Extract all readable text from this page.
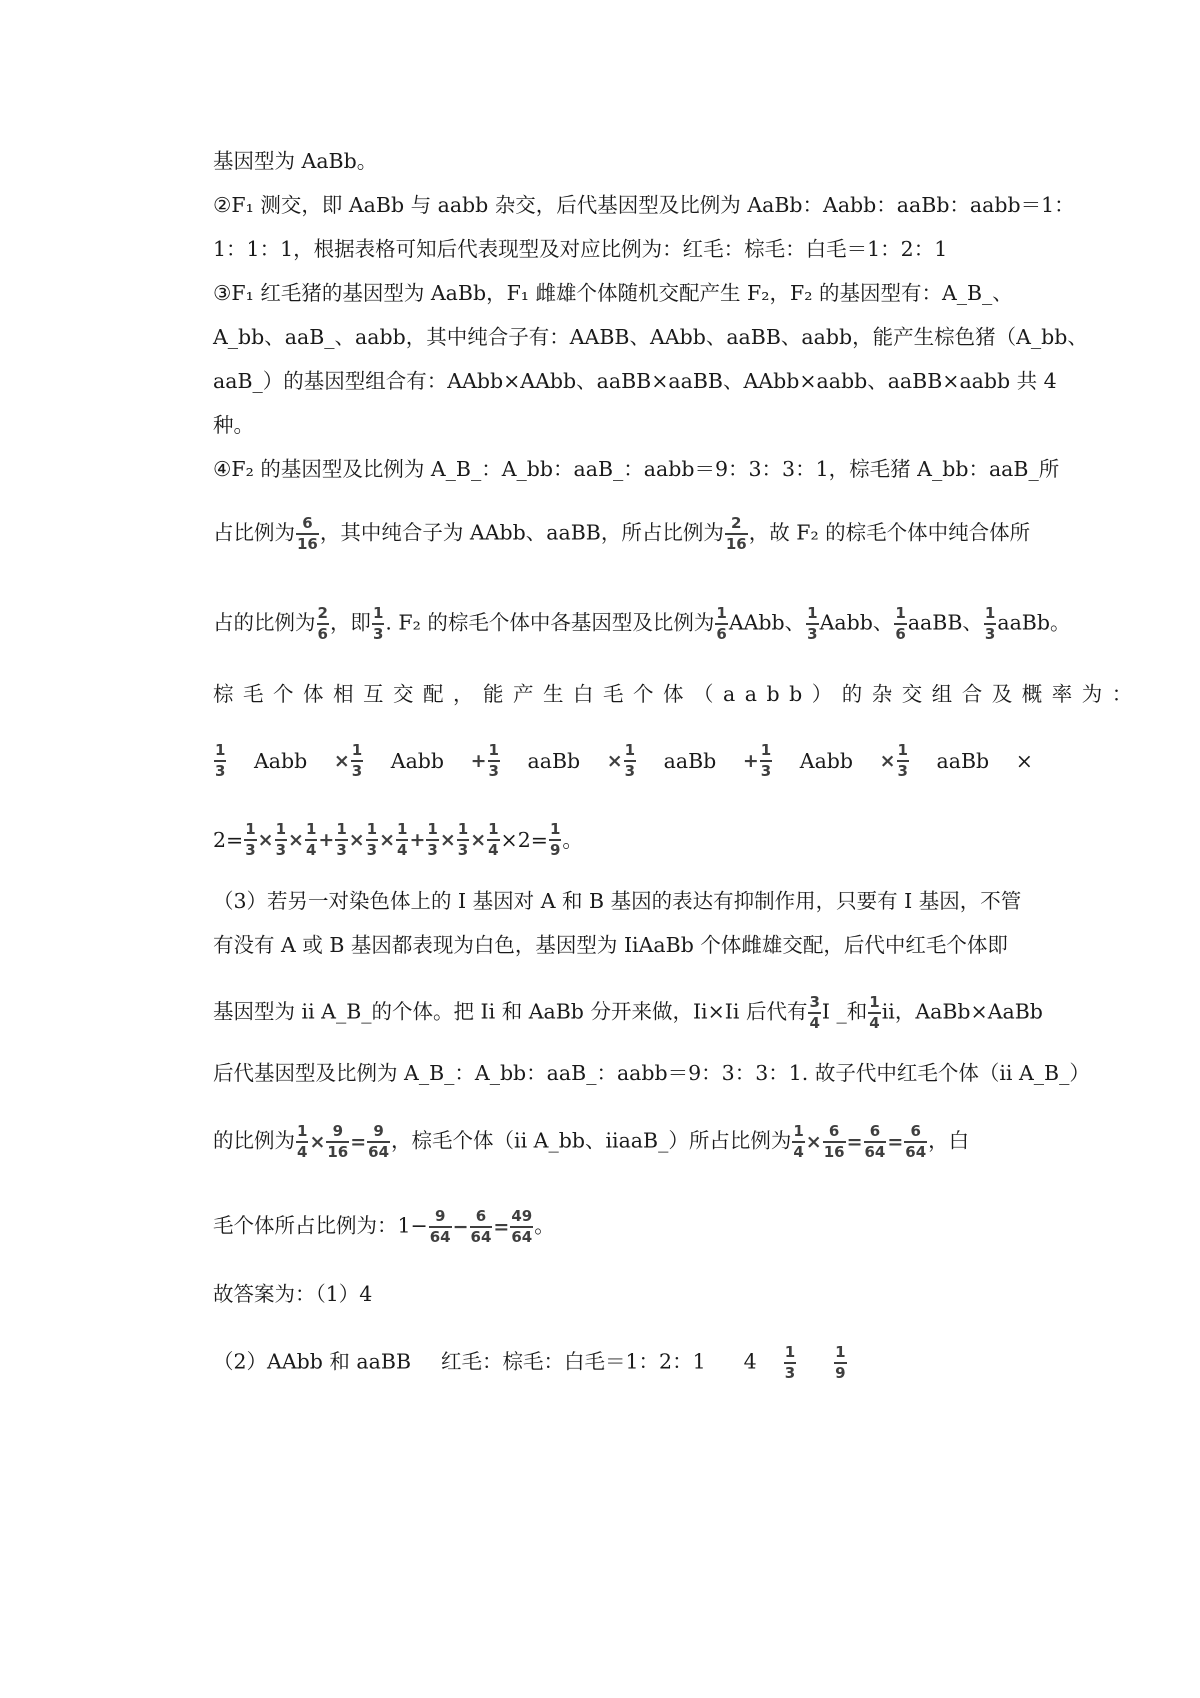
基因型为 AaBb。
②F₁ 测交，即 AaBb 与 aabb 杂交，后代基因型及比例为 AaBb：Aabb：aaBb：aabb＝1：
1：1：1，根据表格可知后代表现型及对应比例为：红毛：棕毛：白毛＝1：2：1
③F₁ 红毛猪的基因型为 AaBb，F₁ 雌雄个体随机交配产生 F₂，F₂ 的基因型有：A_B_、
A_bb、aaB_、aabb，其中纯合子有：AABB、AAbb、aaBB、aabb，能产生棕色猪（A_bb、
aaB_）的基因型组合有：AAbb×AAbb、aaBB×aaBB、AAbb×aabb、aaBB×aabb 共 4
种。
④F₂ 的基因型及比例为 A_B_：A_bb：aaB_：aabb＝9：3：3：1，棕毛猪 A_bb：aaB_所
占比例为 $\frac{6}{16}$ ，其中纯合子为 AAbb、aaBB，所占比例为 $\frac{2}{16}$ ，故 F₂ 的棕毛个体中纯合体所
占的比例为 $\frac{2}{6}$ ，即 $\frac{1}{3}$ . F₂ 的棕毛个体中各基因型及比例为 $\frac{1}{6}$ AAbb、 $\frac{1}{3}$ Aabb、 $\frac{1}{6}$ aaBB、 $\frac{1}{3}$ aaBb。
棕毛个体相互交配，能产生白毛个体（aabb）的杂交组合及概率为：
1
3 Aabb × $\frac{1}{3}$ Aabb + $\frac{1}{3}$ aaBb × $\frac{1}{3}$ aaBb + $\frac{1}{3}$ Aabb × $\frac{1}{3}$ aaBb ×
2= 1
3 × 1
3 × 1
4 + 1
3 × 1
3 × 1
4 + 1
3 × 1
3 × 1
4 ×2= 1
9 。
（3）若另一对染色体上的 I 基因对 A 和 B 基因的表达有抑制作用，只要有 I 基因，不管
有没有 A 或 B 基因都表现为白色，基因型为 IiAaBb 个体雌雄交配，后代中红毛个体即
基因型为 ii A_B_的个体。把 Ii 和 AaBb 分开来做，Ii×Ii 后代有 $\frac{3}{4}$ I _和 $\frac{1}{4}$ ii，AaBb×AaBb
后代基因型及比例为 A_B_：A_bb：aaB_：aabb＝9：3：3：1. 故子代中红毛个体（ii A_B_）
的比例为 $\frac{1}{4} \times \frac{9}{16} = \frac{9}{64}$ ，棕毛个体（ii A_bb、iiaaB_）所占比例为 $\frac{1}{4} \times \frac{6}{16} = \frac{6}{64} = \frac{6}{64}$ ，白
毛个体所占比例为：$1- \frac{9}{64} - \frac{6}{64} = \frac{49}{64}$ 。
故答案为：（1）4
（2）AAbb 和 aaBB 红毛：棕毛：白毛＝1：2：1 $4 \frac{1}{3}$	$\frac{1}{9}$
